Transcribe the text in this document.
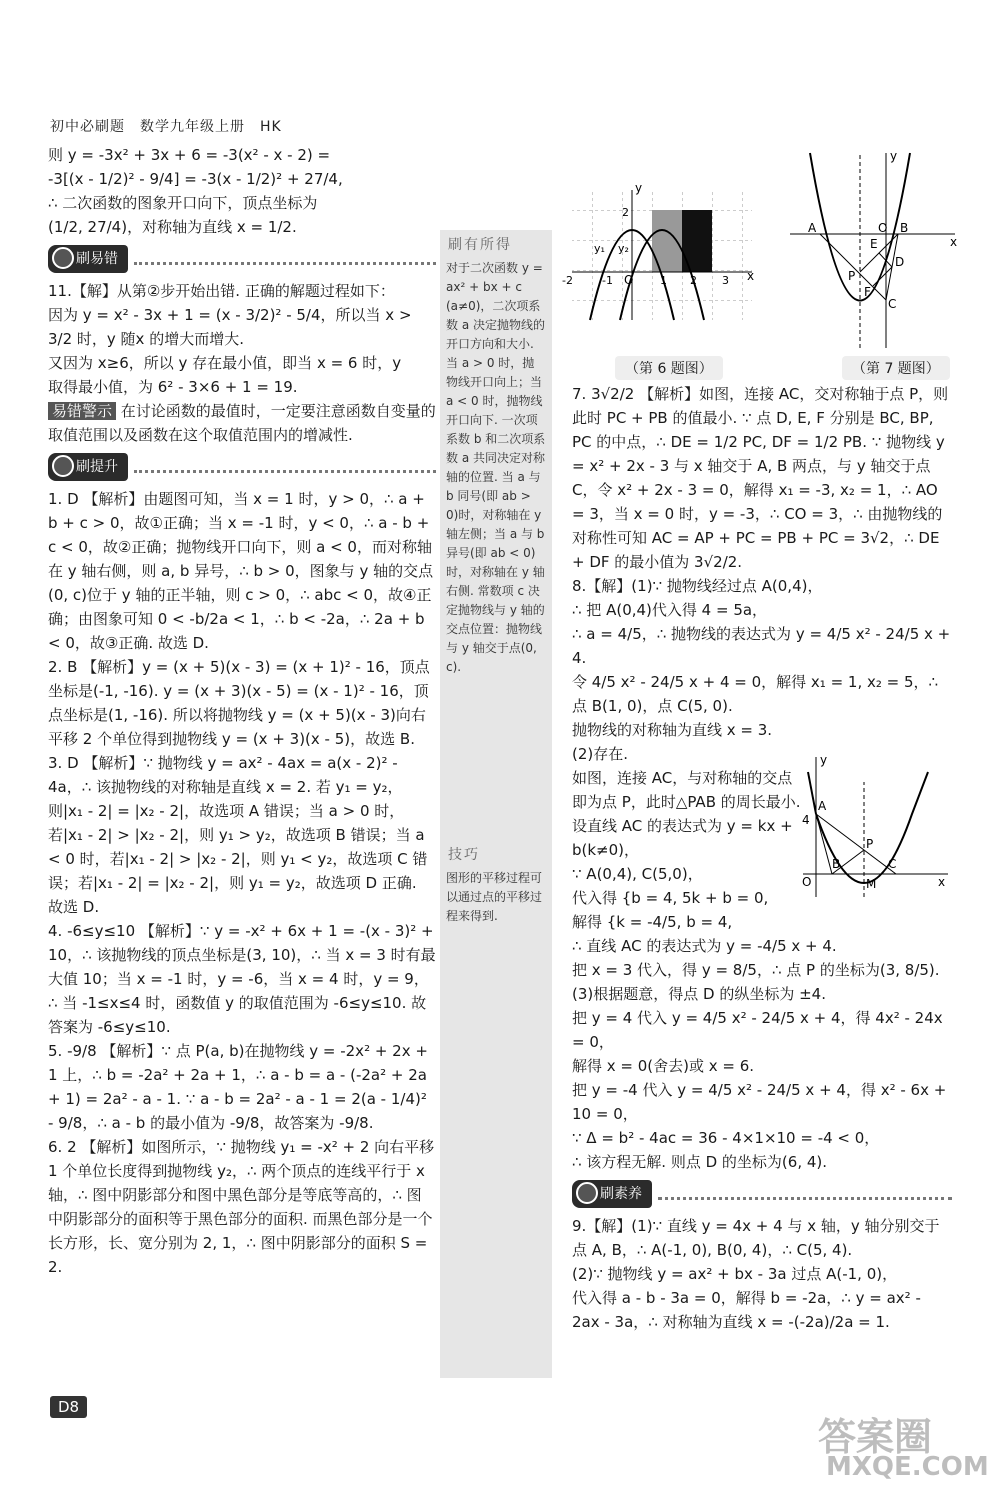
初中必刷题　数学九年级上册　HK

则 y = -3x² + 3x + 6 = -3(x² - x - 2) =

-3[(x - 1/2)² - 9/4] = -3(x - 1/2)² + 27/4,

∴ 二次函数的图象开口向下，顶点坐标为

(1/2, 27/4)，对称轴为直线 x = 1/2.

刷易错

11.【解】从第②步开始出错. 正确的解题过程如下：

因为 y = x² - 3x + 1 = (x - 3/2)² - 5/4，所以当 x >

3/2 时，y 随x 的增大而增大.

又因为 x≥6，所以 y 存在最小值，即当 x = 6 时，y

取得最小值，为 6² - 3×6 + 1 = 19.

易错警示 在讨论函数的最值时，一定要注意函数自变量的取值范围以及函数在这个取值范围内的增减性.

刷提升

1. D 【解析】由题图可知，当 x = 1 时，y > 0，∴ a + b + c > 0，故①正确；当 x = -1 时，y < 0，∴ a - b + c < 0，故②正确；抛物线开口向下，则 a < 0，而对称轴在 y 轴右侧，则 a, b 异号，∴ b > 0，图象与 y 轴的交点(0, c)位于 y 轴的正半轴，则 c > 0，∴ abc < 0，故④正确；由图象可知 0 < -b/2a < 1，∴ b < -2a，∴ 2a + b < 0，故③正确. 故选 D.

2. B 【解析】y = (x + 5)(x - 3) = (x + 1)² - 16，顶点坐标是(-1, -16). y = (x + 3)(x - 5) = (x - 1)² - 16，顶点坐标是(1, -16). 所以将抛物线 y = (x + 5)(x - 3)向右平移 2 个单位得到抛物线 y = (x + 3)(x - 5)，故选 B.

3. D 【解析】∵ 抛物线 y = ax² - 4ax = a(x - 2)² - 4a，∴ 该抛物线的对称轴是直线 x = 2. 若 y₁ = y₂，则|x₁ - 2| = |x₂ - 2|，故选项 A 错误；当 a > 0 时，若|x₁ - 2| > |x₂ - 2|，则 y₁ > y₂，故选项 B 错误；当 a < 0 时，若|x₁ - 2| > |x₂ - 2|，则 y₁ < y₂，故选项 C 错误；若|x₁ - 2| = |x₂ - 2|，则 y₁ = y₂，故选项 D 正确. 故选 D.

4. -6≤y≤10 【解析】∵ y = -x² + 6x + 1 = -(x - 3)² + 10，∴ 该抛物线的顶点坐标是(3, 10)，∴ 当 x = 3 时有最大值 10；当 x = -1 时，y = -6，当 x = 4 时，y = 9，∴ 当 -1≤x≤4 时，函数值 y 的取值范围为 -6≤y≤10. 故答案为 -6≤y≤10.

5. -9/8 【解析】∵ 点 P(a, b)在抛物线 y = -2x² + 2x + 1 上，∴ b = -2a² + 2a + 1，∴ a - b = a - (-2a² + 2a + 1) = 2a² - a - 1. ∵ a - b = 2a² - a - 1 = 2(a - 1/4)² - 9/8，∴ a - b 的最小值为 -9/8，故答案为 -9/8.

6. 2 【解析】如图所示，∵ 抛物线 y₁ = -x² + 2 向右平移 1 个单位长度得到抛物线 y₂，∴ 两个顶点的连线平行于 x 轴，∴ 图中阴影部分和图中黑色部分是等底等高的，∴ 图中阴影部分的面积等于黑色部分的面积. 而黑色部分是一个长方形，长、宽分别为 2, 1，∴ 图中阴影部分的面积 S = 2.

刷有所得
对于二次函数 y = ax² + bx + c (a≠0)，二次项系数 a 决定抛物线的开口方向和大小. 当 a > 0 时，抛物线开口向上；当 a < 0 时，抛物线开口向下. 一次项系数 b 和二次项系数 a 共同决定对称轴的位置. 当 a 与 b 同号(即 ab > 0)时，对称轴在 y 轴左侧；当 a 与 b 异号(即 ab < 0)时，对称轴在 y 轴右侧. 常数项 c 决定抛物线与 y 轴的交点位置：抛物线与 y 轴交于点(0, c).
技巧
图形的平移过程可以通过点的平移过程来得到.
x
y
O
y₁ y₂
2
-2	-1	1 2 3
（第 6 题图）
x
y
A	B
O
C
D
E
F
P
（第 7 题图）

7. 3√2/2 【解析】如图，连接 AC，交对称轴于点 P，则此时 PC + PB 的值最小. ∵ 点 D, E, F 分别是 BC, BP, PC 的中点，∴ DE = 1/2 PC, DF = 1/2 PB. ∵ 抛物线 y = x² + 2x - 3 与 x 轴交于 A, B 两点，与 y 轴交于点 C，令 x² + 2x - 3 = 0，解得 x₁ = -3, x₂ = 1，∴ AO = 3，当 x = 0 时，y = -3，∴ CO = 3，∴ 由抛物线的对称性可知 AC = AP + PC = PB + PC = 3√2，∴ DE + DF 的最小值为 3√2/2.

8.【解】(1)∵ 抛物线经过点 A(0,4)，

∴ 把 A(0,4)代入得 4 = 5a，

∴ a = 4/5，∴ 抛物线的表达式为 y = 4/5 x² - 24/5 x + 4.

令 4/5 x² - 24/5 x + 4 = 0，解得 x₁ = 1, x₂ = 5，∴ 点 B(1, 0)，点 C(5, 0).

抛物线的对称轴为直线 x = 3.

(2)存在.

如图，连接 AC，与对称轴的交点即为点 P，此时△PAB 的周长最小.

设直线 AC 的表达式为 y = kx + b(k≠0)，

∵ A(0,4), C(5,0)，

代入得 {b = 4, 5k + b = 0,

解得 {k = -4/5, b = 4,

∴ 直线 AC 的表达式为 y = -4/5 x + 4.

把 x = 3 代入，得 y = 8/5，∴ 点 P 的坐标为(3, 8/5).

(3)根据题意，得点 D 的纵坐标为 ±4.

把 y = 4 代入 y = 4/5 x² - 24/5 x + 4，得 4x² - 24x = 0，

解得 x = 0(舍去)或 x = 6.

把 y = -4 代入 y = 4/5 x² - 24/5 x + 4，得 x² - 6x + 10 = 0，

∵ Δ = b² - 4ac = 36 - 4×1×10 = -4 < 0，

∴ 该方程无解. 则点 D 的坐标为(6, 4).

刷素养

9.【解】(1)∵ 直线 y = 4x + 4 与 x 轴，y 轴分别交于点 A, B，∴ A(-1, 0), B(0, 4)，∴ C(5, 4).

(2)∵ 抛物线 y = ax² + bx - 3a 过点 A(-1, 0)，

代入得 a - b - 3a = 0，解得 b = -2a，∴ y = ax² - 2ax - 3a，∴ 对称轴为直线 x = -(-2a)/2a = 1.

x
y
O
4
A
B
P
C
M
D8
答案圈
MXQE.COM
